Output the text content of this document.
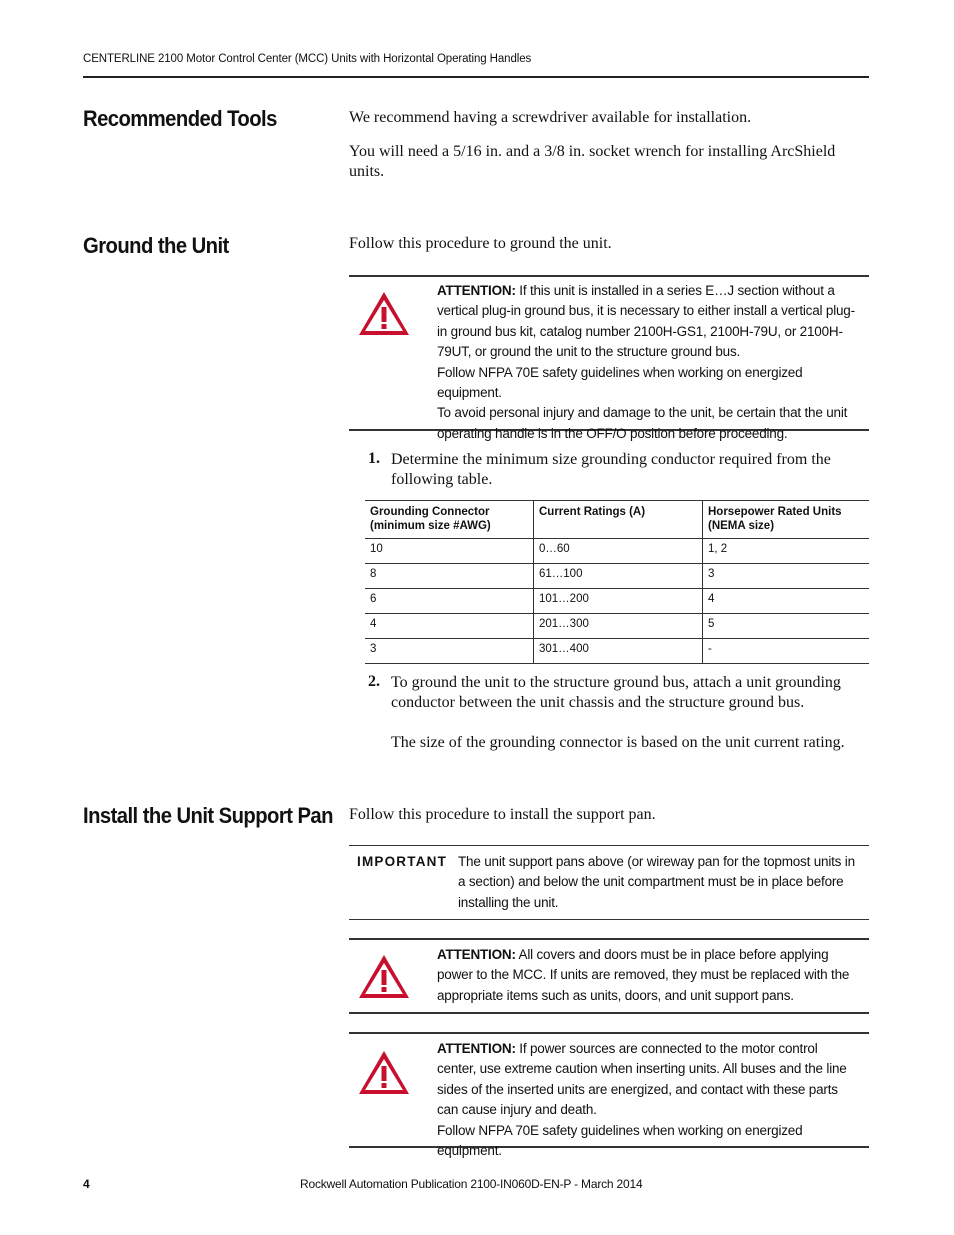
CENTERLINE 2100 Motor Control Center (MCC) Units with Horizontal Operating Handles
Recommended Tools	We recommend having a screwdriver available for installation.
You will need a 5/16 in. and a 3/8 in. socket wrench for installing ArcShield units.
Ground the Unit	Follow this procedure to ground the unit.

ATTENTION: If this unit is installed in a series E…J section without a vertical plug-in ground bus, it is necessary to either install a vertical plug-in ground bus kit, catalog number 2100H-GS1, 2100H-79U, or 2100H-79UT, or ground the unit to the structure ground bus.

Follow NFPA 70E safety guidelines when working on energized equipment.

To avoid personal injury and damage to the unit, be certain that the unit operating handle is in the OFF/O position before proceeding.

1. Determine the minimum size grounding conductor required from the following table.
Grounding Connector (minimum size #AWG)	Current Ratings (A)	Horsepower Rated Units (NEMA size)
10	0…60	1, 2
8	61…100	3
6	101…200	4
4	201…300	5
3	301…400	-
2. To ground the unit to the structure ground bus, attach a unit grounding conductor between the unit chassis and the structure ground bus.
The size of the grounding connector is based on the unit current rating.
Install the Unit Support Pan Follow this procedure to install the support pan.
IMPORTANT The unit support pans above (or wireway pan for the topmost units in a section) and below the unit compartment must be in place before installing the unit.

ATTENTION: All covers and doors must be in place before applying power to the MCC. If units are removed, they must be replaced with the appropriate items such as units, doors, and unit support pans.

ATTENTION: If power sources are connected to the motor control center, use extreme caution when inserting units. All buses and the line sides of the inserted units are energized, and contact with these parts can cause injury and death.

Follow NFPA 70E safety guidelines when working on energized equipment.

4	Rockwell Automation Publication 2100-IN060D-EN-P - March 2014
